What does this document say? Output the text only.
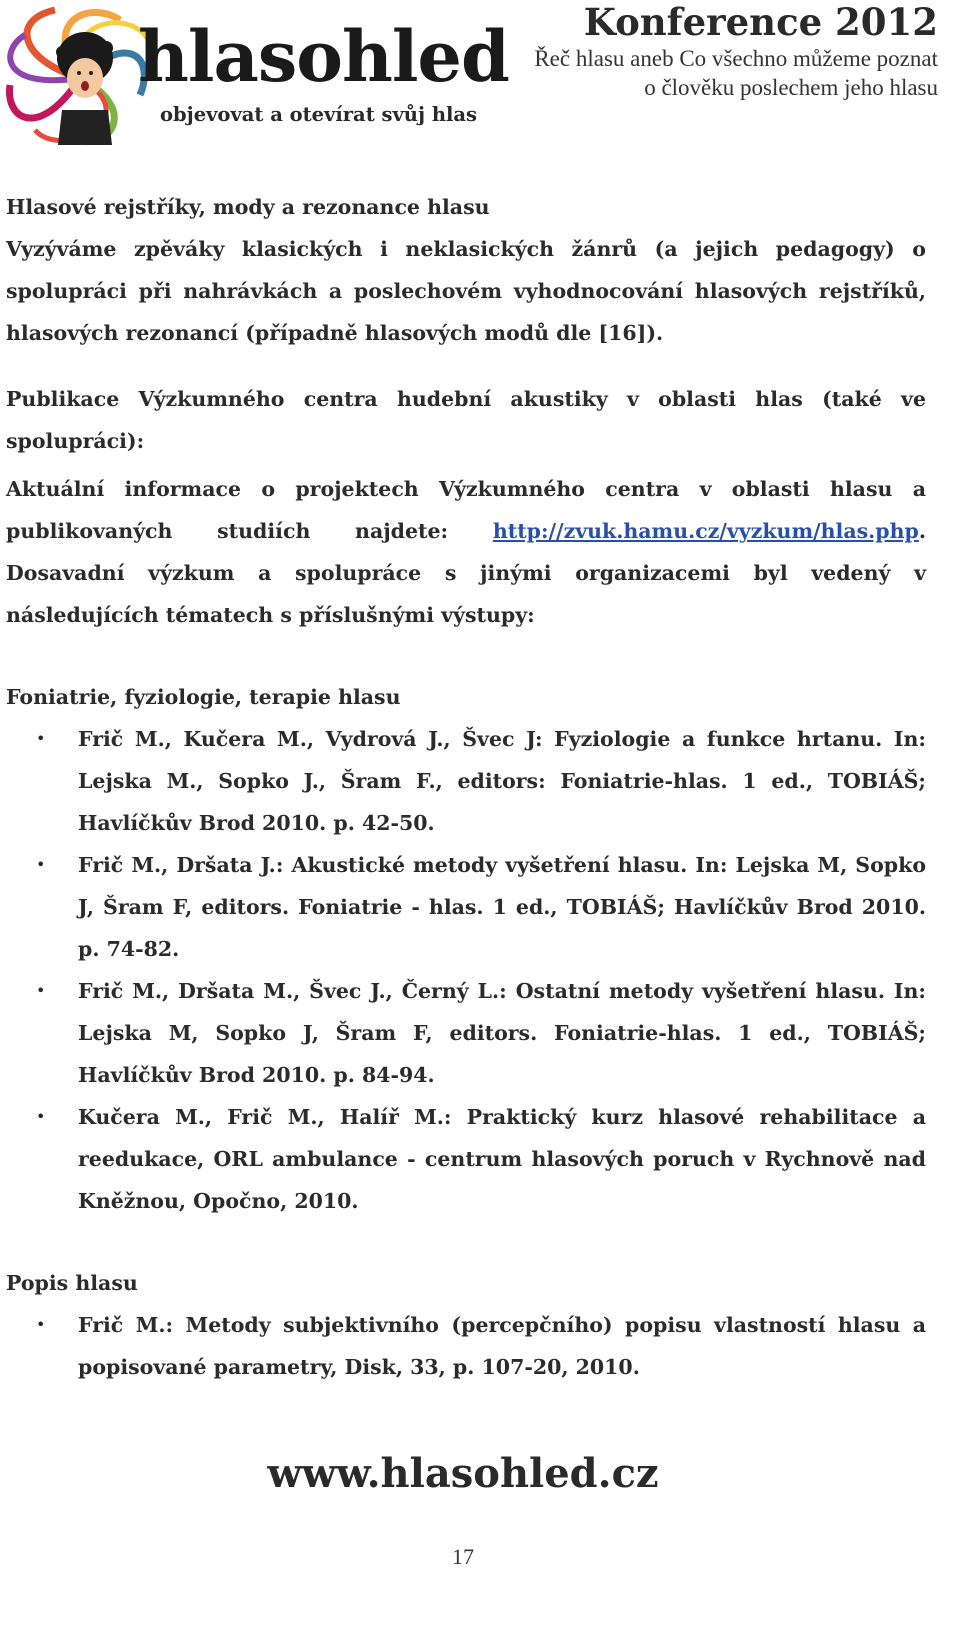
hlasohled
objevovat a otevírat svůj hlas
Konference 2012
Řeč hlasu aneb Co všechno můžeme poznat o člověku poslechem jeho hlasu

Hlasové rejstříky, mody a rezonance hlasu

Vyzýváme zpěváky klasických i neklasických žánrů (a jejich pedagogy) o spolupráci při nahrávkách a poslechovém vyhodnocování hlasových rejstříků, hlasových rezonancí (případně hlasových modů dle [16]).

Publikace Výzkumného centra hudební akustiky v oblasti hlas (také ve spolupráci):

Aktuální informace o projektech Výzkumného centra v oblasti hlasu a publikovaných studiích najdete: http://zvuk.hamu.cz/vyzkum/hlas.php. Dosavadní výzkum a spolupráce s jinými organizacemi byl vedený v následujících tématech s příslušnými výstupy:

Foniatrie, fyziologie, terapie hlasu

• Frič M., Kučera M., Vydrová J., Švec J: Fyziologie a funkce hrtanu. In: Lejska M., Sopko J., Šram F., editors: Foniatrie-hlas. 1 ed., TOBIÁŠ; Havlíčkův Brod 2010. p. 42-50.
• Frič M., Dršata J.: Akustické metody vyšetření hlasu. In: Lejska M, Sopko J, Šram F, editors. Foniatrie - hlas. 1 ed., TOBIÁŠ; Havlíčkův Brod 2010. p. 74-82.
• Frič M., Dršata M., Švec J., Černý L.: Ostatní metody vyšetření hlasu. In: Lejska M, Sopko J, Šram F, editors. Foniatrie-hlas. 1 ed., TOBIÁŠ; Havlíčkův Brod 2010. p. 84-94.
• Kučera M., Frič M., Halíř M.: Praktický kurz hlasové rehabilitace a reedukace, ORL ambulance - centrum hlasových poruch v Rychnově nad Kněžnou, Opočno, 2010.

Popis hlasu

• Frič M.: Metody subjektivního (percepčního) popisu vlastností hlasu a popisované parametry, Disk, 33, p. 107-20, 2010.
www.hlasohled.cz
17
